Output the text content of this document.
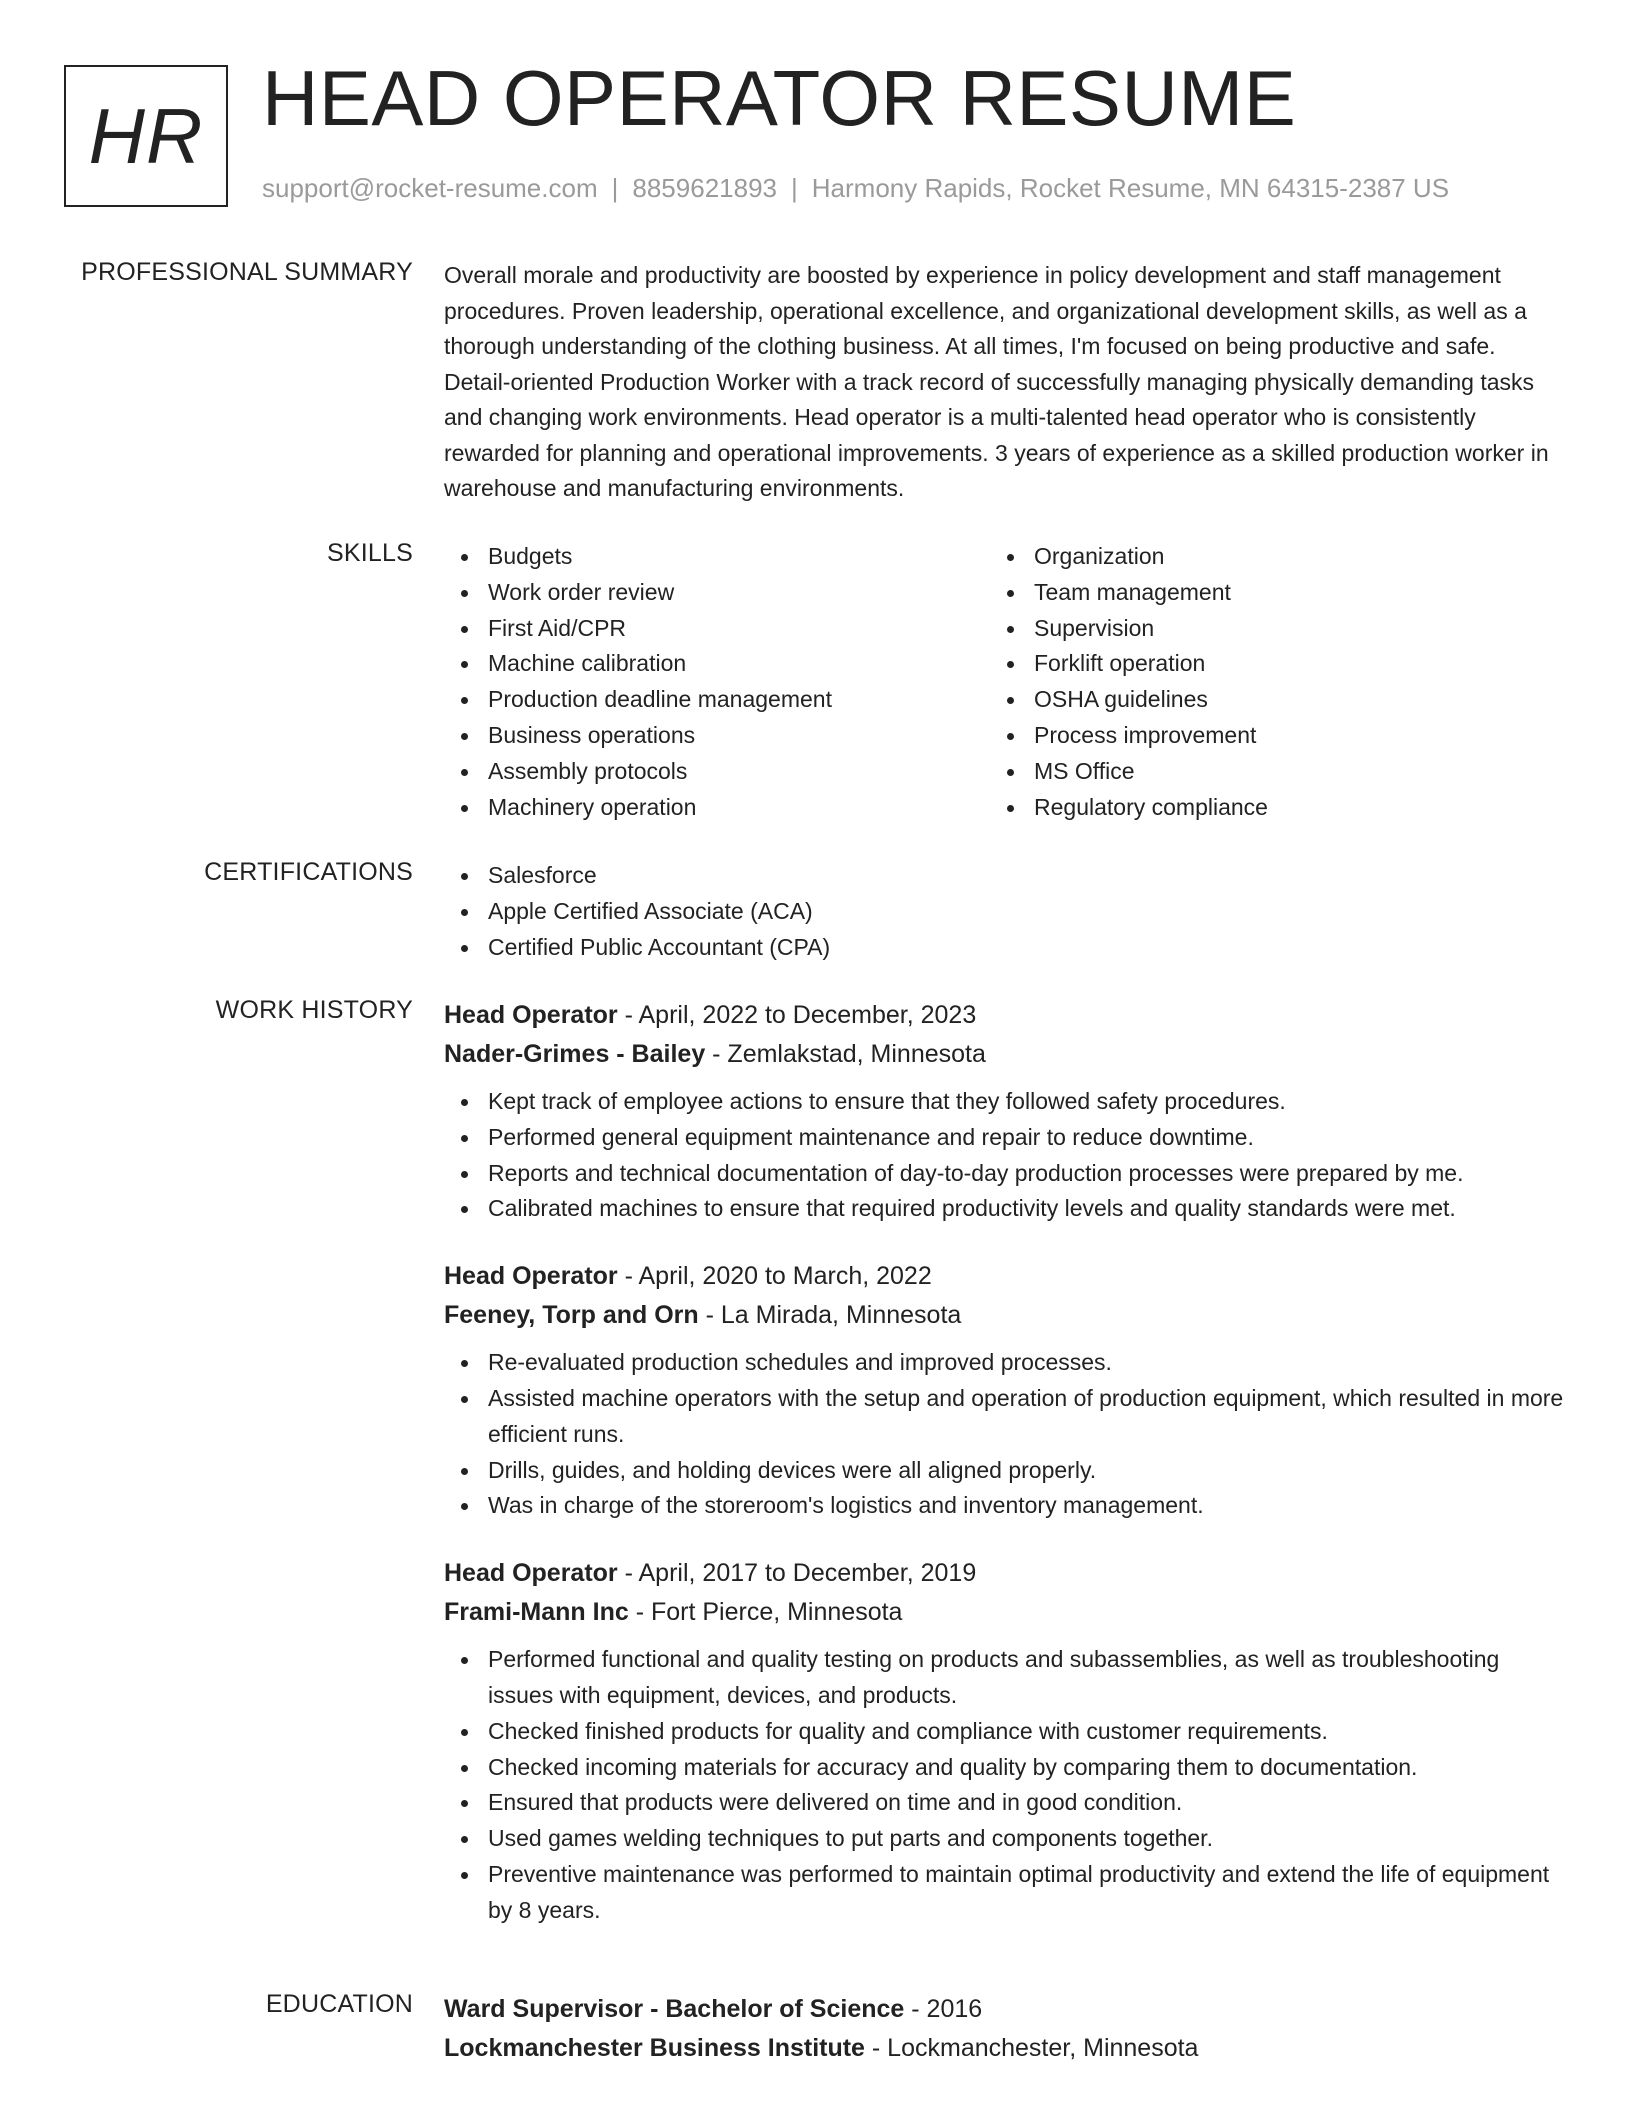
HR HEAD OPERATOR RESUME
support@rocket-resume.com | 8859621893 | Harmony Rapids, Rocket Resume, MN 64315-2387 US
PROFESSIONAL SUMMARY Overall morale and productivity are boosted by experience in policy development and staff management procedures. Proven leadership, operational excellence, and organizational development skills, as well as a thorough understanding of the clothing business. At all times, I'm focused on being productive and safe. Detail-oriented Production Worker with a track record of successfully managing physically demanding tasks and changing work environments. Head operator is a multi-talented head operator who is consistently rewarded for planning and operational improvements. 3 years of experience as a skilled production worker in warehouse and manufacturing environments.

SKILLS	Budgets
Work order review
First Aid/CPR
Machine calibration
Production deadline management
Business operations
Assembly protocols
Machinery operation
Organization
Team management
Supervision
Forklift operation
OSHA guidelines
Process improvement
MS Office
Regulatory compliance
CERTIFICATIONS	Salesforce
Apple Certified Associate (ACA)
Certified Public Accountant (CPA)
WORK HISTORY Head Operator - April, 2022 to December, 2023
Nader-Grimes - Bailey - Zemlakstad, Minnesota
Kept track of employee actions to ensure that they followed safety procedures.
Performed general equipment maintenance and repair to reduce downtime.
Reports and technical documentation of day-to-day production processes were prepared by me.
Calibrated machines to ensure that required productivity levels and quality standards were met.
Head Operator - April, 2020 to March, 2022
Feeney, Torp and Orn - La Mirada, Minnesota
Re-evaluated production schedules and improved processes.
Assisted machine operators with the setup and operation of production equipment, which resulted in more efficient runs.
Drills, guides, and holding devices were all aligned properly.
Was in charge of the storeroom's logistics and inventory management.
Head Operator - April, 2017 to December, 2019
Frami-Mann Inc - Fort Pierce, Minnesota
Performed functional and quality testing on products and subassemblies, as well as troubleshooting issues with equipment, devices, and products.
Checked finished products for quality and compliance with customer requirements.
Checked incoming materials for accuracy and quality by comparing them to documentation.
Ensured that products were delivered on time and in good condition.
Used games welding techniques to put parts and components together.
Preventive maintenance was performed to maintain optimal productivity and extend the life of equipment by 8 years.
EDUCATION Ward Supervisor - Bachelor of Science - 2016
Lockmanchester Business Institute - Lockmanchester, Minnesota
